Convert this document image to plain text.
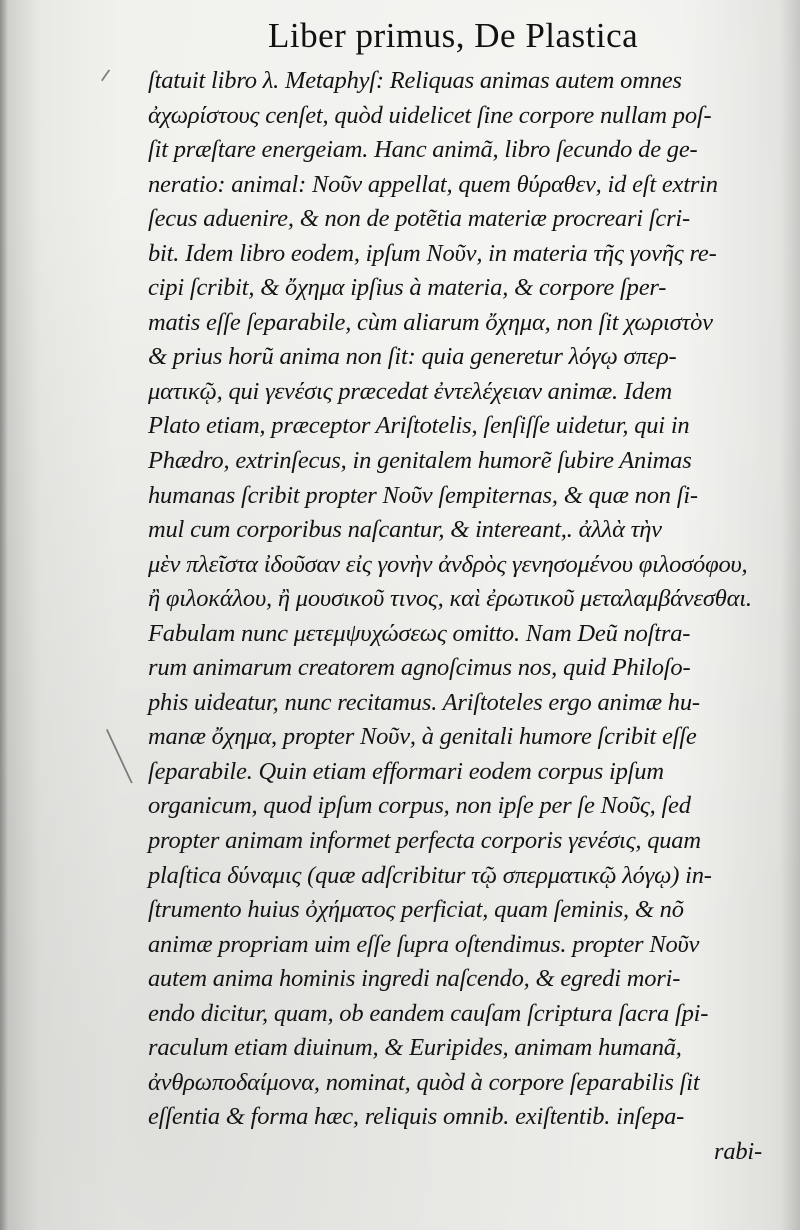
Liber primus, De Plastica
ſtatuit libro λ. Metaphyſ: Reliquas animas autem omnes
ἀχωρίστους cenſet, quòd uidelicet ſine corpore nullam poſ-
ſit præſtare energeiam. Hanc animã, libro ſecundo de ge-
neratio: animal: Νοῦν appellat, quem θύραθεν, id eſt extrin
ſecus aduenire, & non de potẽtia materiæ procreari ſcri-
bit. Idem libro eodem, ipſum Νοῦν, in materia τῆς γονῆς re-
cipi ſcribit, & ὄχημα ipſius à materia, & corpore ſper-
matis eſſe ſeparabile, cùm aliarum ὄχημα, non ſit χωριστὸν
& prius horũ anima non ſit: quia generetur λόγῳ σπερ-
ματικῷ, qui γενέσις præcedat ἐντελέχειαν animæ. Idem
Plato etiam, præceptor Ariſtotelis, ſenſiſſe uidetur, qui in
Phædro, extrinſecus, in genitalem humorẽ ſubire Animas
humanas ſcribit propter Νοῦν ſempiternas, & quæ non ſi-
mul cum corporibus naſcantur, & intereant,. ἀλλὰ τὴν
μὲν πλεῖστα ἰδοῦσαν εἰς γονὴν ἀνδρὸς γενησομένου φιλοσόφου,
ἢ φιλοκάλου, ἢ μουσικοῦ τινος, καὶ ἐρωτικοῦ μεταλαμβάνεσθαι.
Fabulam nunc μετεμψυχώσεως omitto. Nam Deũ noſtra-
rum animarum creatorem agnoſcimus nos, quid Philoſo-
phis uideatur, nunc recitamus. Ariſtoteles ergo animæ hu-
manæ ὄχημα, propter Νοῦν, à genitali humore ſcribit eſſe
ſeparabile. Quin etiam efformari eodem corpus ipſum
organicum, quod ipſum corpus, non ipſe per ſe Νοῦς, ſed
propter animam informet perfecta corporis γενέσις, quam
plaſtica δύναμις (quæ adſcribitur τῷ σπερματικῷ λόγῳ) in-
ſtrumento huius ὀχήματος perficiat, quam ſeminis, & nõ
animæ propriam uim eſſe ſupra oſtendimus. propter Νοῦν
autem anima hominis ingredi naſcendo, & egredi mori-
endo dicitur, quam, ob eandem cauſam ſcriptura ſacra ſpi-
raculum etiam diuinum, & Euripides, animam humanã,
ἀνθρωποδαίμονα, nominat, quòd à corpore ſeparabilis ſit
eſſentia & forma hæc, reliquis omnib. exiſtentib. inſepa-
rabi-
